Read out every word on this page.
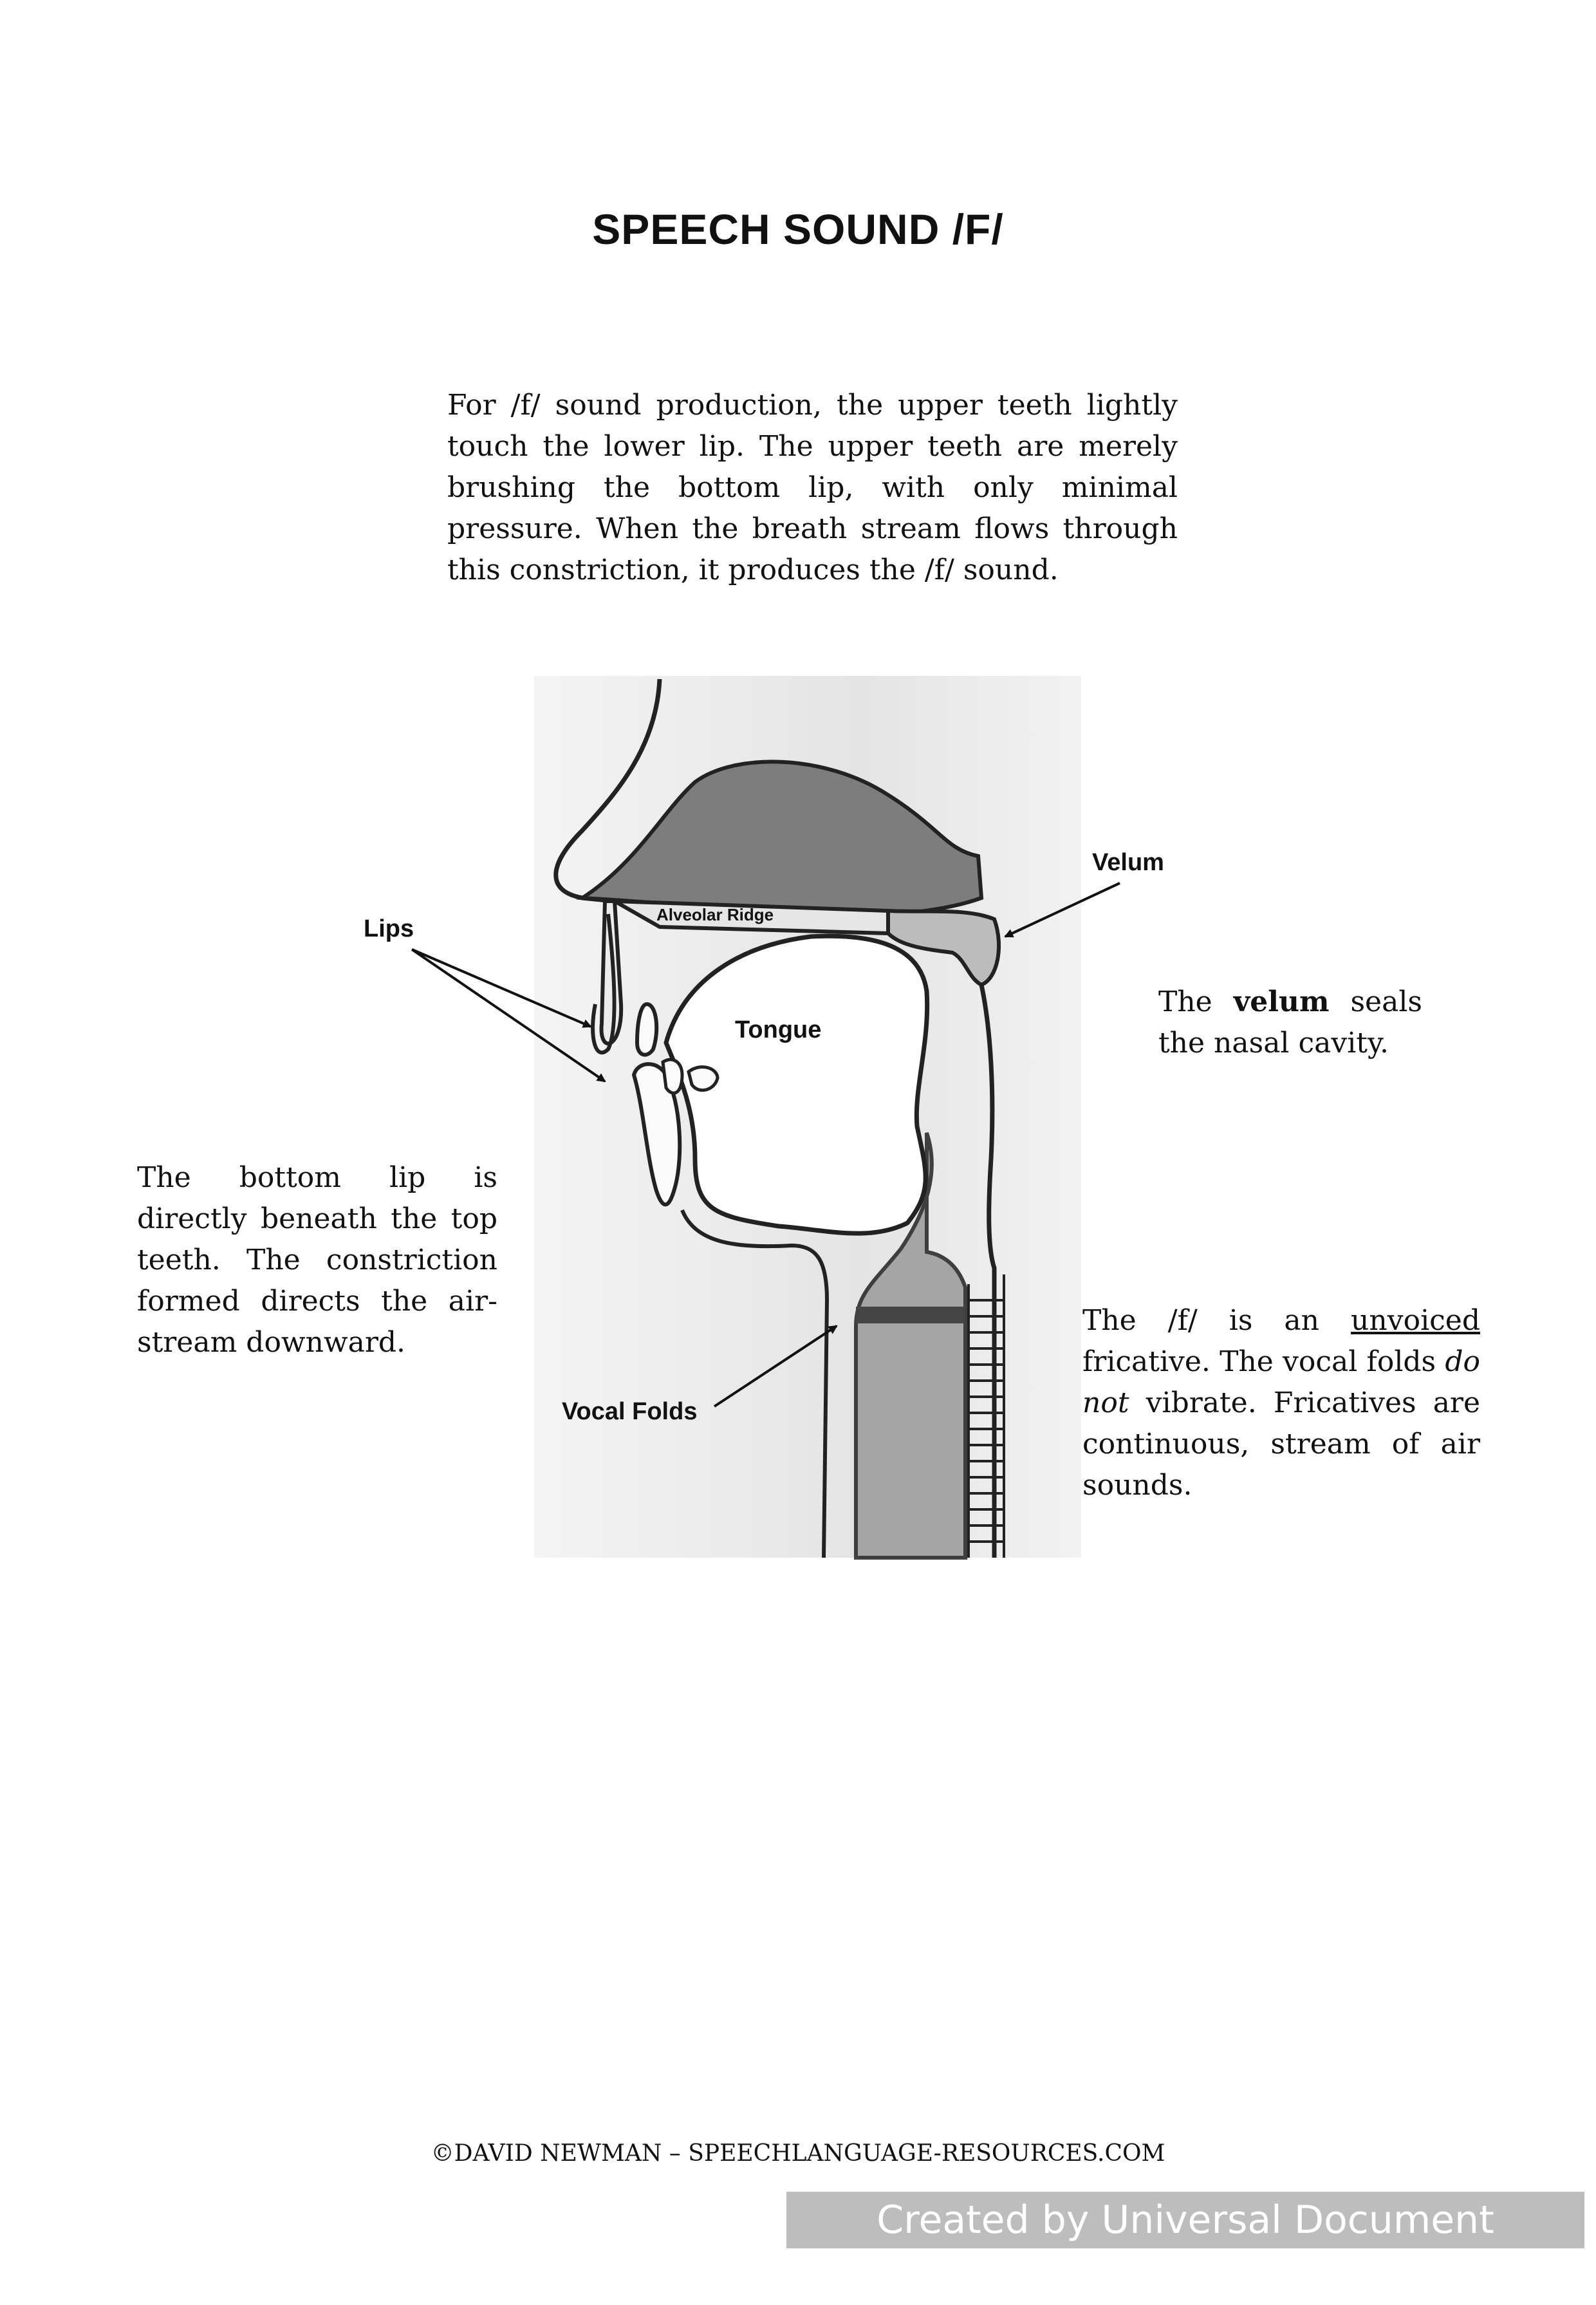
SPEECH SOUND /F/
For /f/ sound production, the upper teeth lightly touch the lower lip. The upper teeth are merely brushing the bottom lip, with only minimal pressure. When the breath stream flows through this constriction, it produces the /f/ sound.
Lips
Alveolar Ridge
Tongue
Velum
Vocal Folds
The bottom lip is directly beneath the top teeth. The constriction formed directs the air-stream downward.
The velum seals the nasal cavity.
The /f/ is an unvoiced fricative. The vocal folds do not vibrate. Fricatives are continuous, stream of air sounds.
©DAVID NEWMAN – SPEECHLANGUAGE-RESOURCES.COM
Created by Universal Document Converter
